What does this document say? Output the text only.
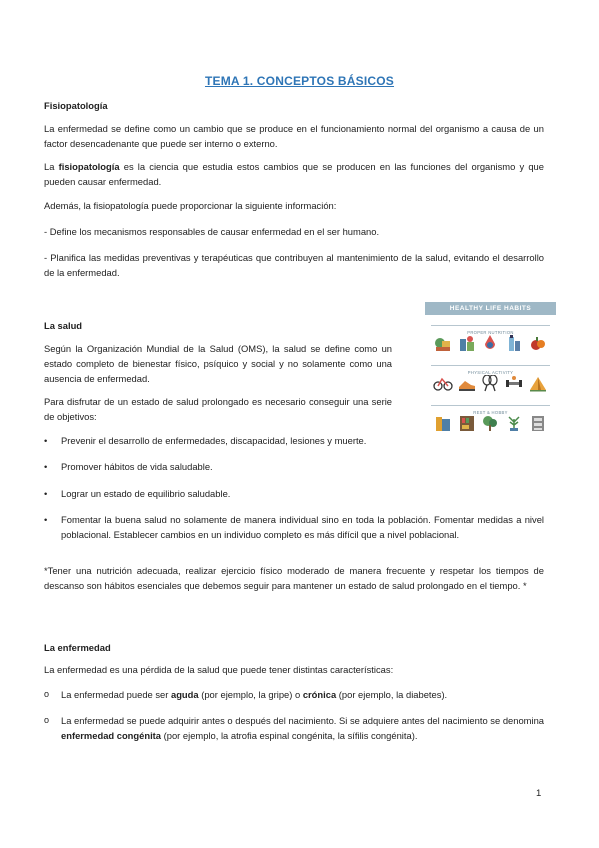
TEMA 1. CONCEPTOS BÁSICOS
Fisiopatología
La enfermedad se define como un cambio que se produce en el funcionamiento normal del organismo a causa de un factor desencadenante que puede ser interno o externo.
La fisiopatología es la ciencia que estudia estos cambios que se producen en las funciones del organismo y que pueden causar enfermedad.
Además, la fisiopatología puede proporcionar la siguiente información:
- Define los mecanismos responsables de causar enfermedad en el ser humano.
- Planifica las medidas preventivas y terapéuticas que contribuyen al mantenimiento de la salud, evitando el desarrollo de la enfermedad.
HEALTHY LIFE HABITS
PROPER NUTRITION
PHYSICAL ACTIVITY
REST & HOBBY
La salud
Según la Organización Mundial de la Salud (OMS), la salud se define como un estado completo de bienestar físico, psíquico y social y no solamente como una ausencia de enfermedad.
Para disfrutar de un estado de salud prolongado es necesario conseguir una serie de objetivos:
•	Prevenir el desarrollo de enfermedades, discapacidad, lesiones y muerte.
•	Promover hábitos de vida saludable.
•	Lograr un estado de equilibrio saludable.
•	Fomentar la buena salud no solamente de manera individual sino en toda la población. Fomentar medidas a nivel poblacional. Establecer cambios en un individuo completo es más difícil que a nivel poblacional.
*Tener una nutrición adecuada, realizar ejercicio físico moderado de manera frecuente y respetar los tiempos de descanso son hábitos esenciales que debemos seguir para mantener un estado de salud prolongado en el tiempo. *
La enfermedad
La enfermedad es una pérdida de la salud que puede tener distintas características:
o	La enfermedad puede ser aguda (por ejemplo, la gripe) o crónica (por ejemplo, la diabetes).
o	La enfermedad se puede adquirir antes o después del nacimiento. Si se adquiere antes del nacimiento se denomina enfermedad congénita (por ejemplo, la atrofia espinal congénita, la sífilis congénita).
1
